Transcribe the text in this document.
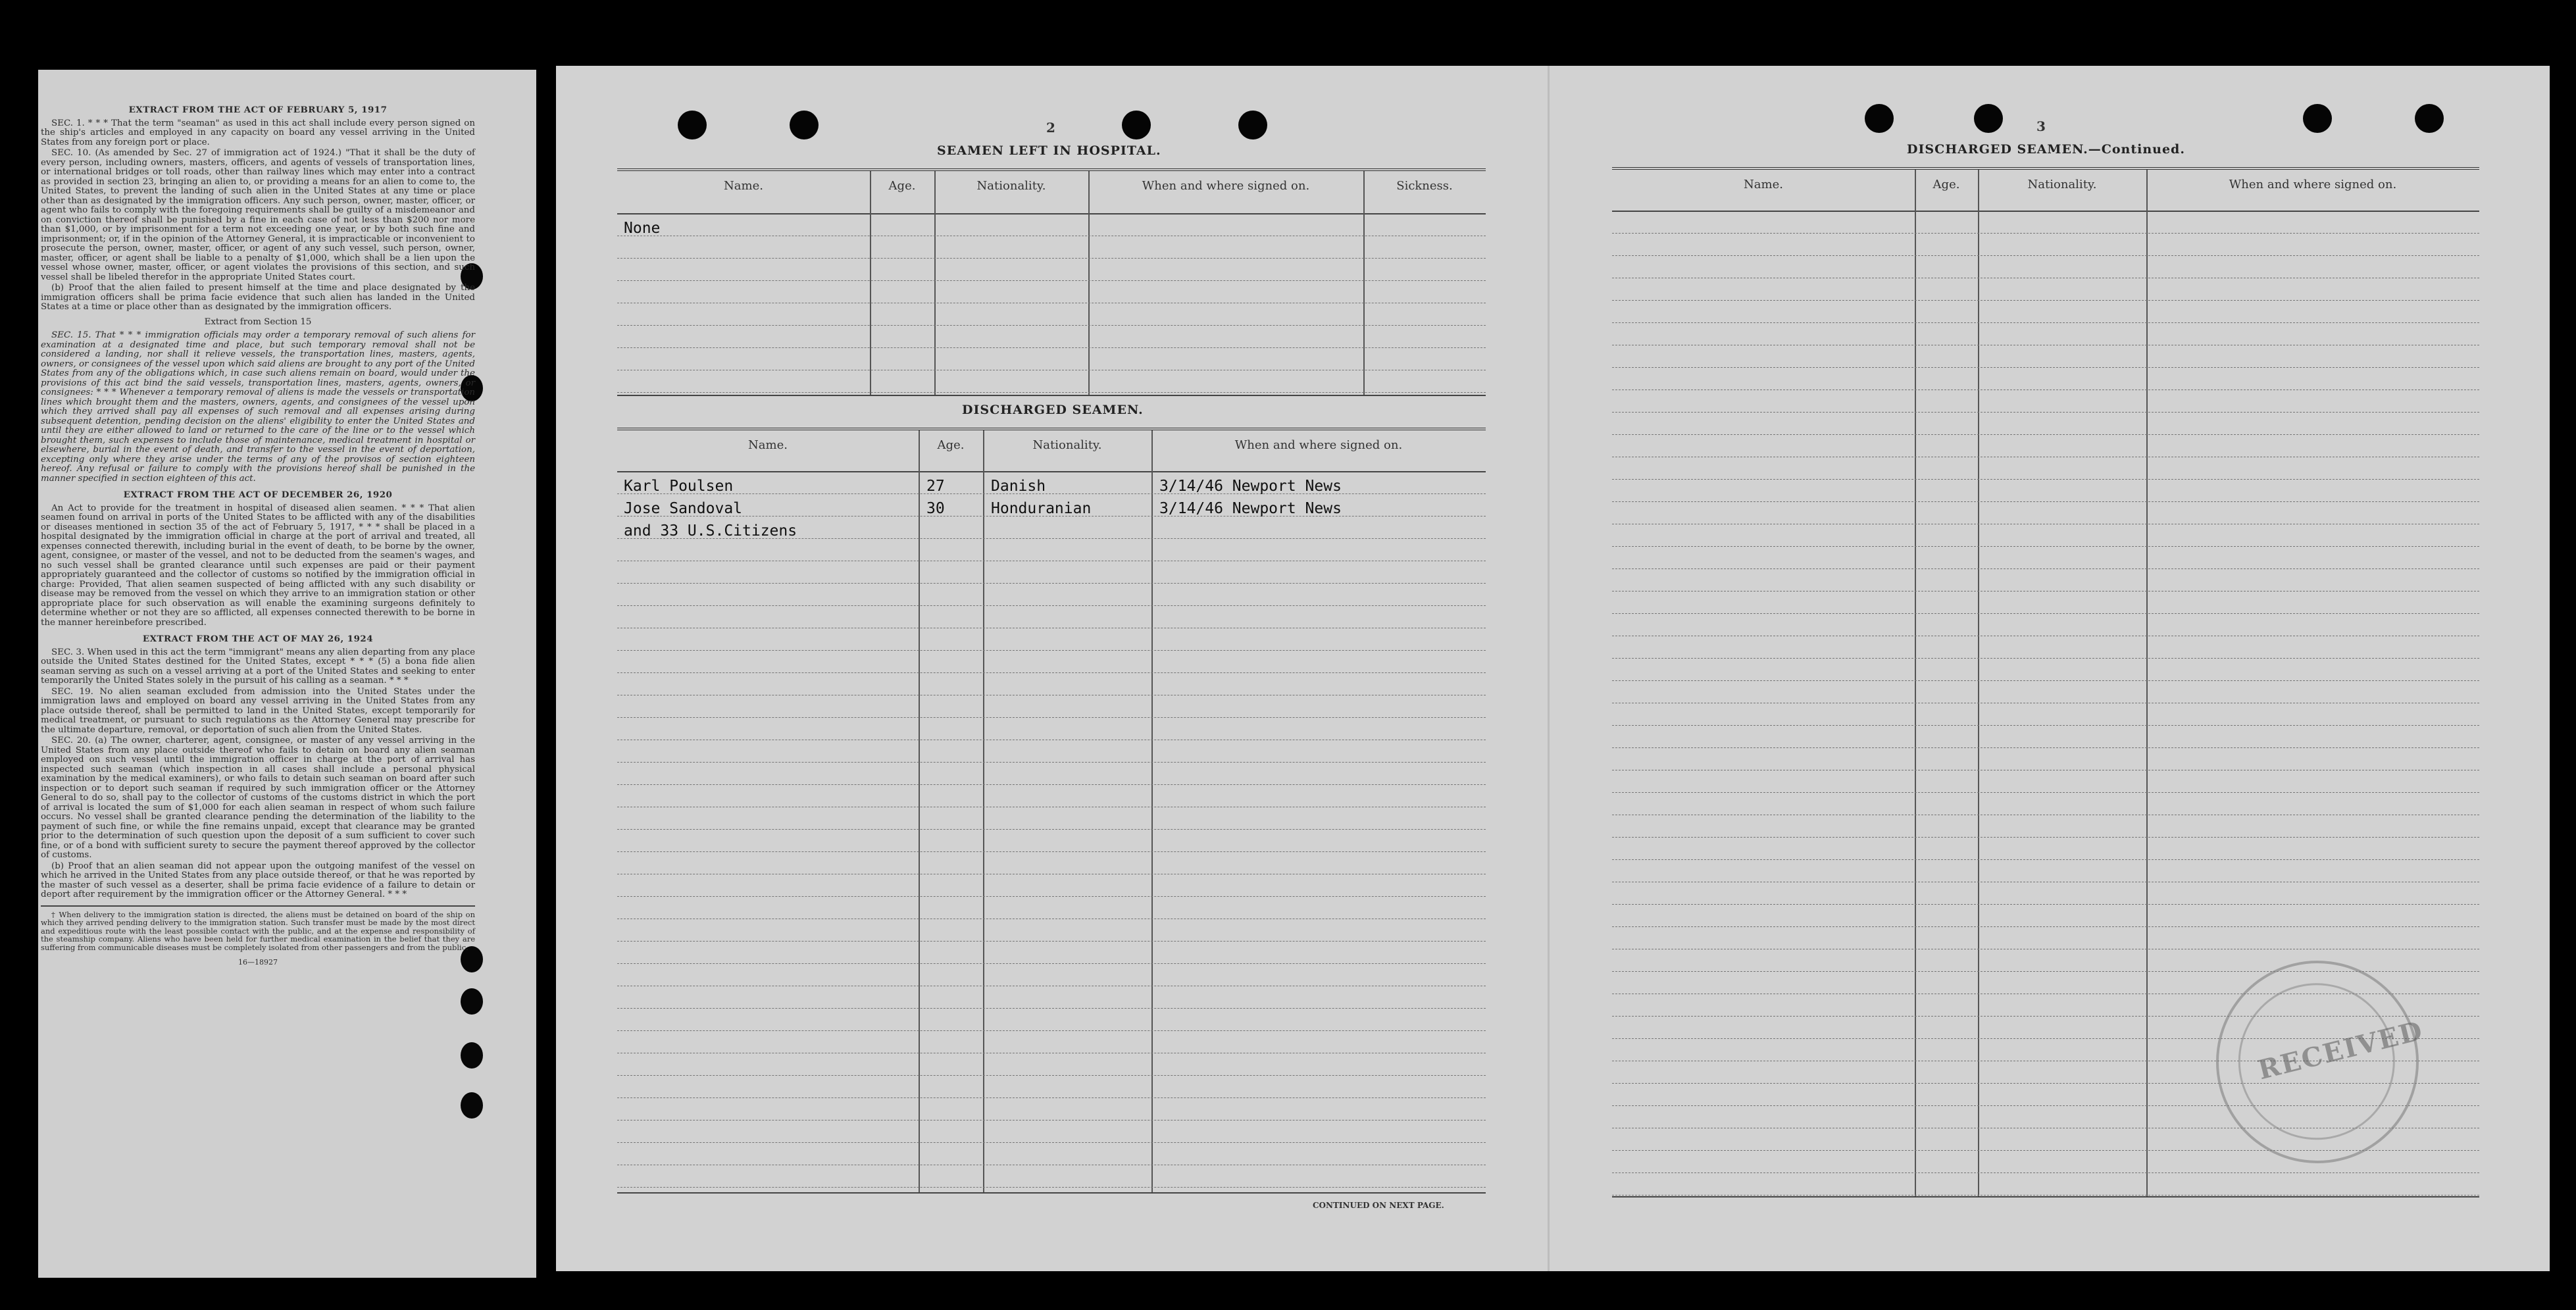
EXTRACT FROM THE ACT OF FEBRUARY 5, 1917

SEC. 1. * * * That the term "seaman" as used in this act shall include every person signed on the ship's articles and employed in any capacity on board any vessel arriving in the United States from any foreign port or place.

SEC. 10. (As amended by Sec. 27 of immigration act of 1924.) "That it shall be the duty of every person, including owners, masters, officers, and agents of vessels of transportation lines, or international bridges or toll roads, other than railway lines which may enter into a contract as provided in section 23, bringing an alien to, or providing a means for an alien to come to, the United States, to prevent the landing of such alien in the United States at any time or place other than as designated by the immigration officers. Any such person, owner, master, officer, or agent who fails to comply with the foregoing requirements shall be guilty of a misdemeanor and on conviction thereof shall be punished by a fine in each case of not less than $200 nor more than $1,000, or by imprisonment for a term not exceeding one year, or by both such fine and imprisonment; or, if in the opinion of the Attorney General, it is impracticable or inconvenient to prosecute the person, owner, master, officer, or agent of any such vessel, such person, owner, master, officer, or agent shall be liable to a penalty of $1,000, which shall be a lien upon the vessel whose owner, master, officer, or agent violates the provisions of this section, and such vessel shall be libeled therefor in the appropriate United States court.

(b) Proof that the alien failed to present himself at the time and place designated by the immigration officers shall be prima facie evidence that such alien has landed in the United States at a time or place other than as designated by the immigration officers.

Extract from Section 15

SEC. 15. That * * * immigration officials may order a temporary removal of such aliens for examination at a designated time and place, but such temporary removal shall not be considered a landing, nor shall it relieve vessels, the transportation lines, masters, agents, owners, or consignees of the vessel upon which said aliens are brought to any port of the United States from any of the obligations which, in case such aliens remain on board, would under the provisions of this act bind the said vessels, transportation lines, masters, agents, owners, or consignees: * * * Whenever a temporary removal of aliens is made the vessels or transportation lines which brought them and the masters, owners, agents, and consignees of the vessel upon which they arrived shall pay all expenses of such removal and all expenses arising during subsequent detention, pending decision on the aliens' eligibility to enter the United States and until they are either allowed to land or returned to the care of the line or to the vessel which brought them, such expenses to include those of maintenance, medical treatment in hospital or elsewhere, burial in the event of death, and transfer to the vessel in the event of deportation, excepting only where they arise under the terms of any of the provisos of section eighteen hereof. Any refusal or failure to comply with the provisions hereof shall be punished in the manner specified in section eighteen of this act.

EXTRACT FROM THE ACT OF DECEMBER 26, 1920

An Act to provide for the treatment in hospital of diseased alien seamen. * * * That alien seamen found on arrival in ports of the United States to be afflicted with any of the disabilities or diseases mentioned in section 35 of the act of February 5, 1917, * * * shall be placed in a hospital designated by the immigration official in charge at the port of arrival and treated, all expenses connected therewith, including burial in the event of death, to be borne by the owner, agent, consignee, or master of the vessel, and not to be deducted from the seamen's wages, and no such vessel shall be granted clearance until such expenses are paid or their payment appropriately guaranteed and the collector of customs so notified by the immigration official in charge: Provided, That alien seamen suspected of being afflicted with any such disability or disease may be removed from the vessel on which they arrive to an immigration station or other appropriate place for such observation as will enable the examining surgeons definitely to determine whether or not they are so afflicted, all expenses connected therewith to be borne in the manner hereinbefore prescribed.

EXTRACT FROM THE ACT OF MAY 26, 1924

SEC. 3. When used in this act the term "immigrant" means any alien departing from any place outside the United States destined for the United States, except * * * (5) a bona fide alien seaman serving as such on a vessel arriving at a port of the United States and seeking to enter temporarily the United States solely in the pursuit of his calling as a seaman. * * *

SEC. 19. No alien seaman excluded from admission into the United States under the immigration laws and employed on board any vessel arriving in the United States from any place outside thereof, shall be permitted to land in the United States, except temporarily for medical treatment, or pursuant to such regulations as the Attorney General may prescribe for the ultimate departure, removal, or deportation of such alien from the United States.

SEC. 20. (a) The owner, charterer, agent, consignee, or master of any vessel arriving in the United States from any place outside thereof who fails to detain on board any alien seaman employed on such vessel until the immigration officer in charge at the port of arrival has inspected such seaman (which inspection in all cases shall include a personal physical examination by the medical examiners), or who fails to detain such seaman on board after such inspection or to deport such seaman if required by such immigration officer or the Attorney General to do so, shall pay to the collector of customs of the customs district in which the port of arrival is located the sum of $1,000 for each alien seaman in respect of whom such failure occurs. No vessel shall be granted clearance pending the determination of the liability to the payment of such fine, or while the fine remains unpaid, except that clearance may be granted prior to the determination of such question upon the deposit of a sum sufficient to cover such fine, or of a bond with sufficient surety to secure the payment thereof approved by the collector of customs.

(b) Proof that an alien seaman did not appear upon the outgoing manifest of the vessel on which he arrived in the United States from any place outside thereof, or that he was reported by the master of such vessel as a deserter, shall be prima facie evidence of a failure to detain or deport after requirement by the immigration officer or the Attorney General. * * *

† When delivery to the immigration station is directed, the aliens must be detained on board of the ship on which they arrived pending delivery to the immigration station. Such transfer must be made by the most direct and expeditious route with the least possible contact with the public, and at the expense and responsibility of the steamship company. Aliens who have been held for further medical examination in the belief that they are suffering from communicable diseases must be completely isolated from other passengers and from the public.

16—18927
2
SEAMEN LEFT IN HOSPITAL.
Name.	Age.	Nationality.	When and where signed on.	Sickness.
None
DISCHARGED SEAMEN.
Name.	Age.	Nationality.	When and where signed on.
Karl Poulsen	27	Danish	3/14/46 Newport News
Jose Sandoval	30	Honduranian	3/14/46 Newport News
and 33 U.S.Citizens
CONTINUED ON NEXT PAGE.
3
DISCHARGED SEAMEN.—Continued.
Name.	Age.	Nationality.	When and where signed on.
RECEIVED
